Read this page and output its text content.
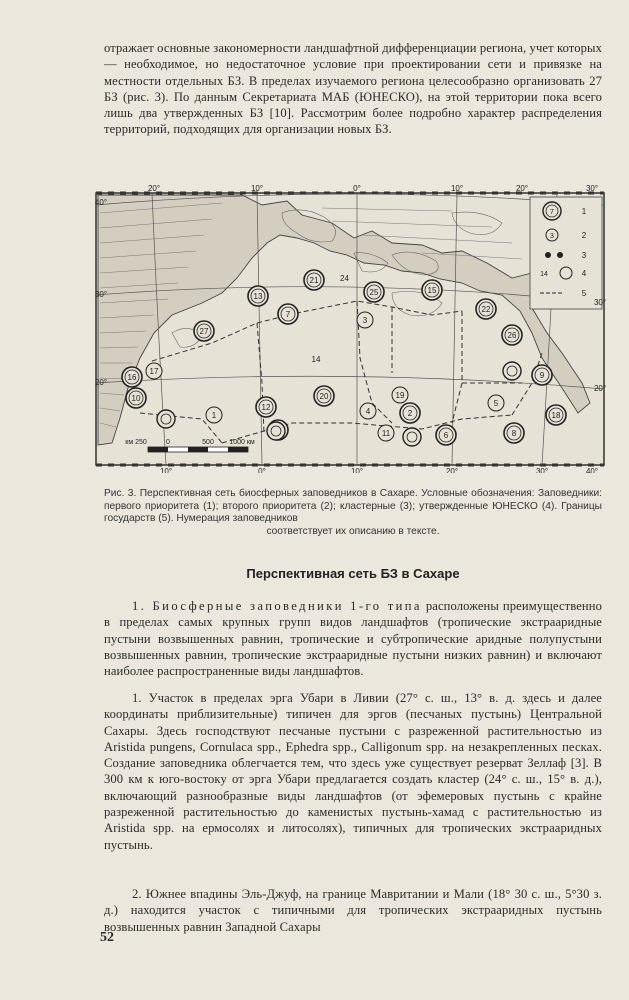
отражает основные закономерности ландшафтной дифференциации региона, учет которых — необходимое, но недостаточное условие при проектировании сети и привязке на местности отдельных БЗ. В пределах изучаемого региона целесообразно организовать 27 БЗ (рис. 3). По данным Секретариата МАБ (ЮНЕСКО), на этой территории пока всего лишь два утвержденных БЗ [10]. Рассмотрим более подробно характер распределения территорий, подходящих для организации новых БЗ.
км 250	0	500 1000 км
7	1
3	2
3
14	4
5
20°	10°	0°	10°	20°	30°
10°	0°	10°	20°	30°	40°
40°
30°
20°
30°
20°
1	2
3
4
5
6
7
8
9
10
11
12
13
14
15
16
17
18
19
20
21
22
25
26
27
24
Рис. 3. Перспективная сеть биосферных заповедников в Сахаре. Условные обозначения: Заповедники: первого приоритета (1); второго приоритета (2); кластерные (3); утвержденные ЮНЕСКО (4). Границы государств (5). Нумерация заповедников
соответствует их описанию в тексте.
Перспективная сеть БЗ в Сахаре
1. Биосферные заповедники 1-го типа расположены преимущественно в пределах самых крупных групп видов ландшафтов (тропические экстрааридные пустыни возвышенных равнин, тропические и субтропические аридные полупустыни возвышенных равнин, тропические экстрааридные пустыни низких равнин) и включают наиболее распространенные виды ландшафтов.
1. Участок в пределах эрга Убари в Ливии (27° с. ш., 13° в. д. здесь и далее координаты приблизительные) типичен для эргов (песчаных пустынь) Центральной Сахары. Здесь господствуют песчаные пустыни с разреженной растительностью из Aristida pungens, Cornulaca spp., Ephedra spp., Calligonum spp. на незакрепленных песках. Создание заповедника облегчается тем, что здесь уже существует резерват Зеллаф [3]. В 300 км к юго-востоку от эрга Убари предлагается создать кластер (24° с. ш., 15° в. д.), включающий разнообразные виды ландшафтов (от эфемеровых пустынь с крайне разреженной растительностью до каменистых пустынь-хамад с растительностью из Aristida spp. на ермосолях и литосолях), типичных для тропических экстрааридных пустынь.
2. Южнее впадины Эль-Джуф, на границе Мавритании и Мали (18° 30 с. ш., 5°30 з. д.) находится участок с типичными для тропических экстрааридных пустынь возвышенных равнин Западной Сахары
52
